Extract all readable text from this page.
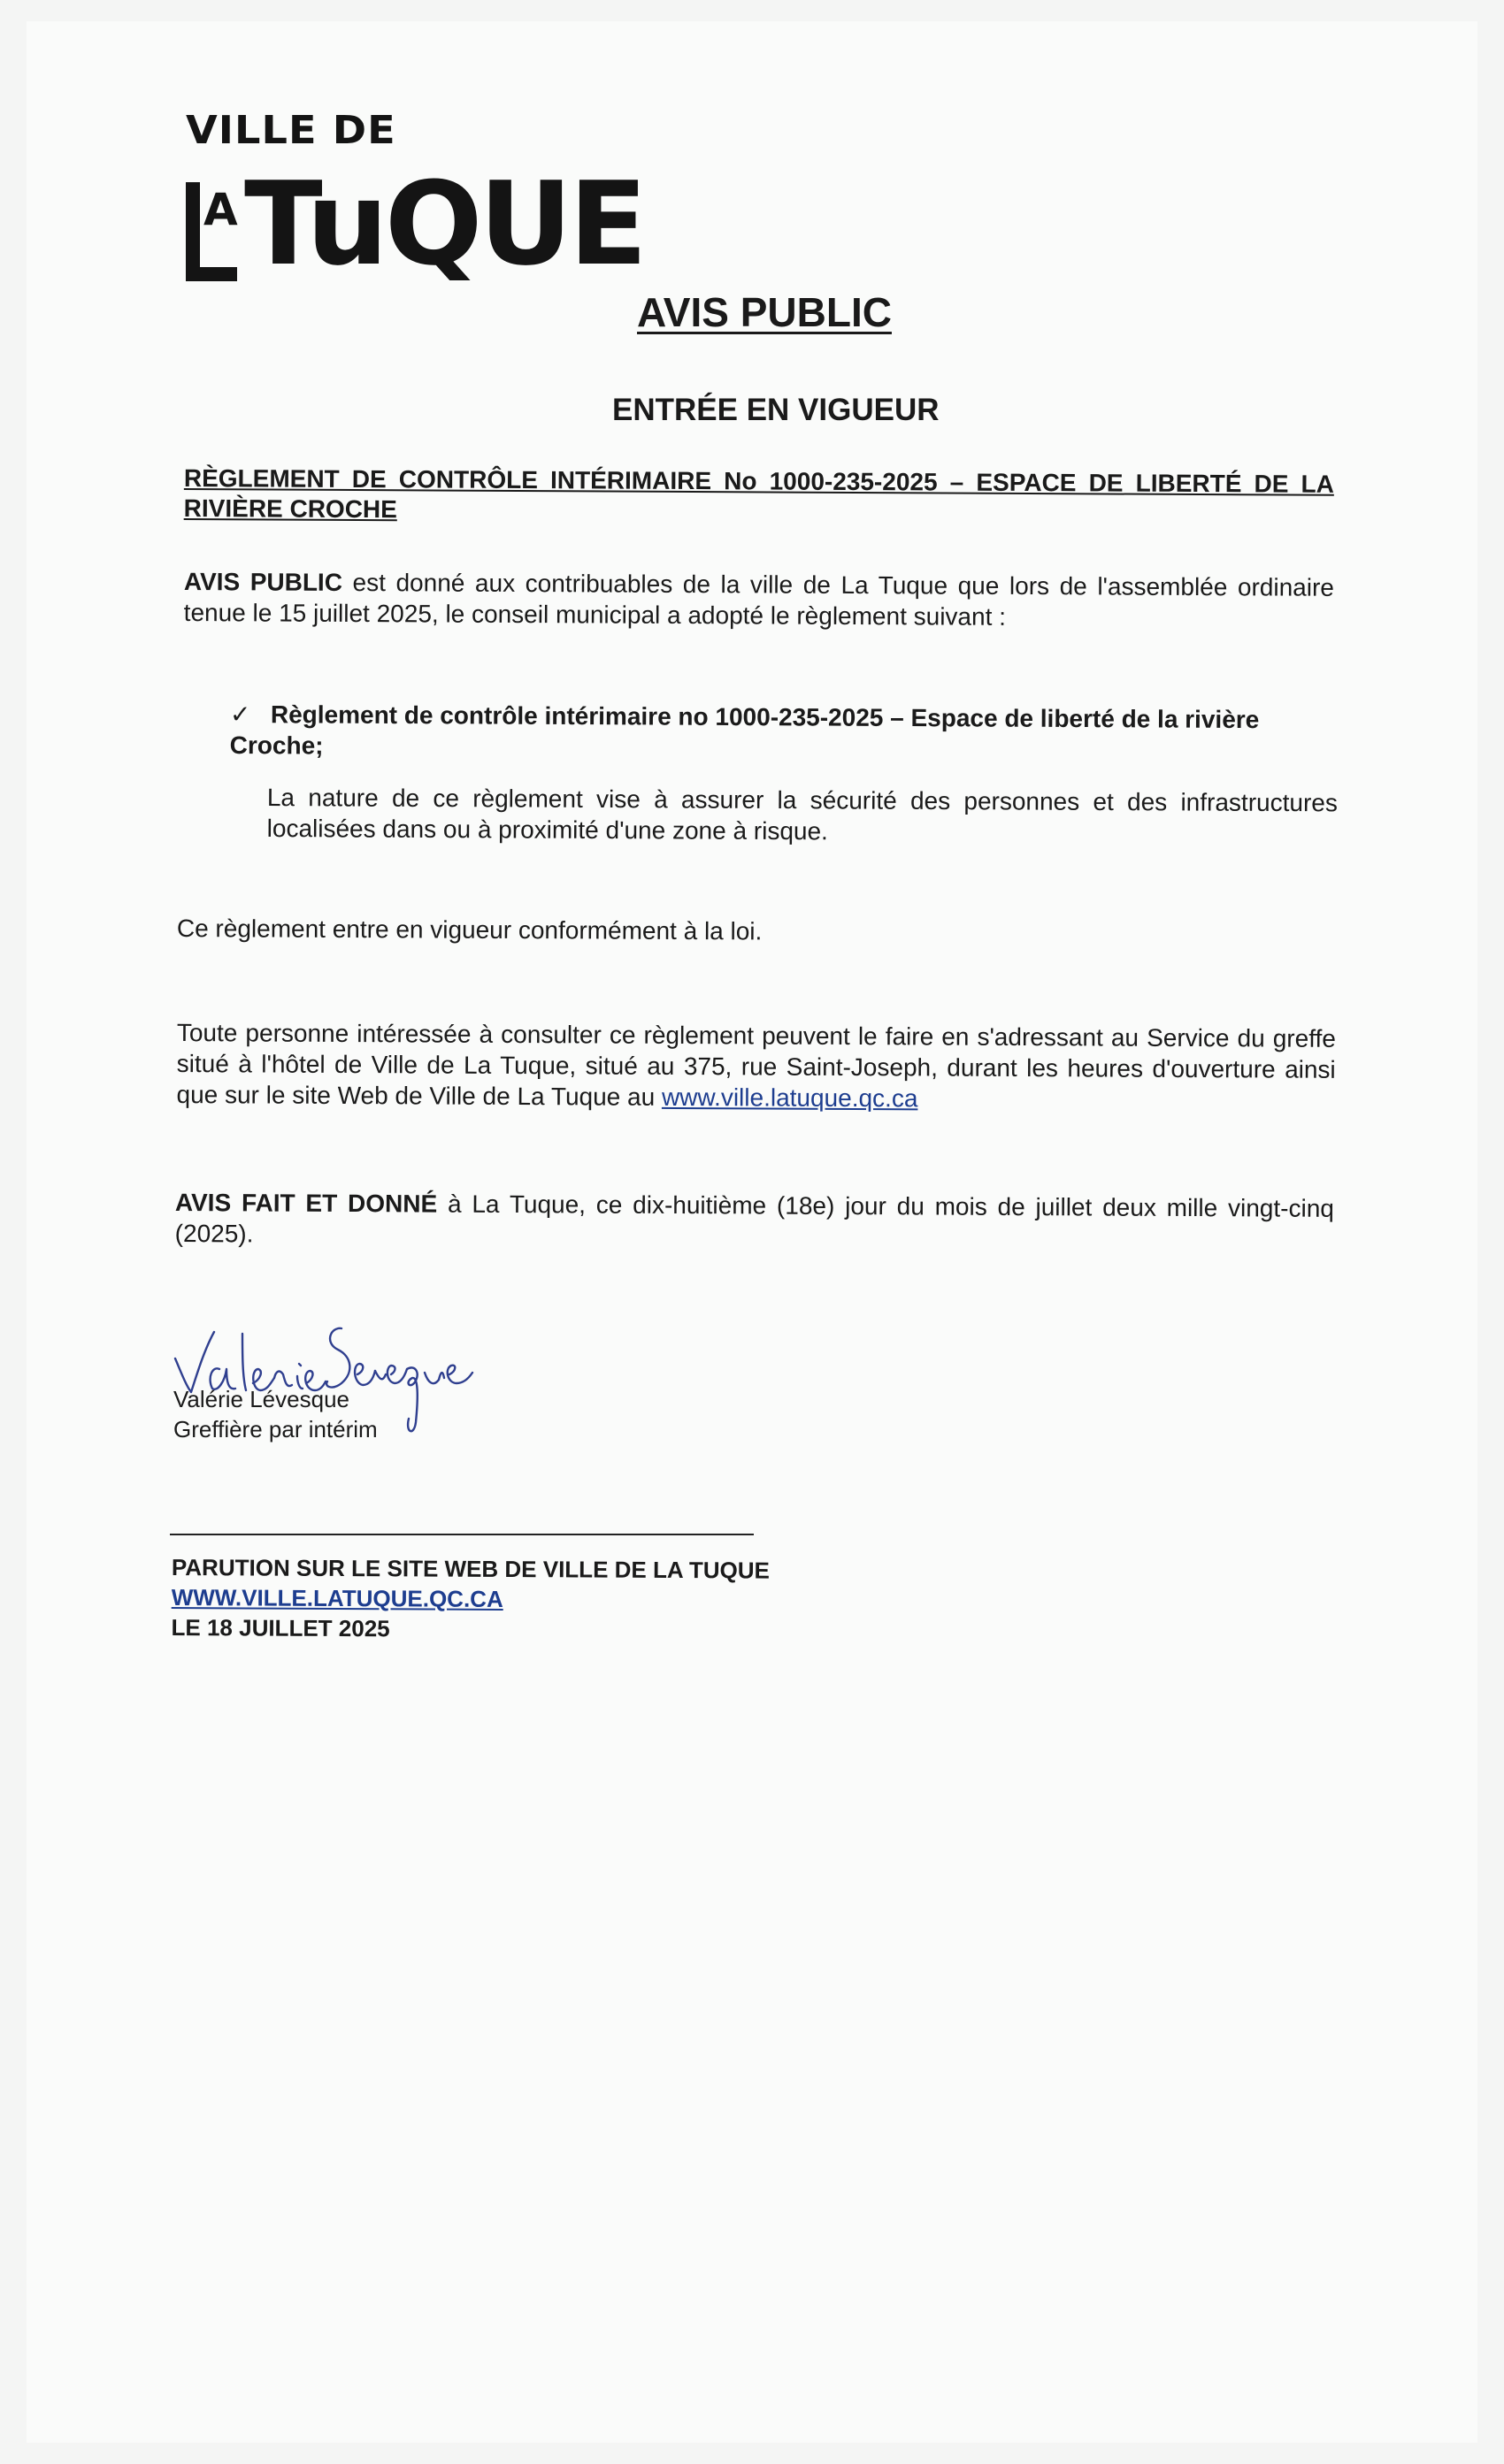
VILLE DE
A TuQUE
AVIS PUBLIC
ENTRÉE EN VIGUEUR
RÈGLEMENT DE CONTRÔLE INTÉRIMAIRE No 1000-235-2025 – ESPACE DE LIBERTÉ DE LA RIVIÈRE CROCHE
AVIS PUBLIC est donné aux contribuables de la ville de La Tuque que lors de l'assemblée ordinaire tenue le 15 juillet 2025, le conseil municipal a adopté le règlement suivant :
✓ Règlement de contrôle intérimaire no 1000-235-2025 – Espace de liberté de la rivière Croche;
La nature de ce règlement vise à assurer la sécurité des personnes et des infrastructures localisées dans ou à proximité d'une zone à risque.
Ce règlement entre en vigueur conformément à la loi.
Toute personne intéressée à consulter ce règlement peuvent le faire en s'adressant au Service du greffe situé à l'hôtel de Ville de La Tuque, situé au 375, rue Saint-Joseph, durant les heures d'ouverture ainsi que sur le site Web de Ville de La Tuque au www.ville.latuque.qc.ca
AVIS FAIT ET DONNÉ à La Tuque, ce dix-huitième (18e) jour du mois de juillet deux mille vingt-cinq (2025).
Valérie Lévesque
Greffière par intérim
PARUTION SUR LE SITE WEB DE VILLE DE LA TUQUE
WWW.VILLE.LATUQUE.QC.CA
LE 18 JUILLET 2025
